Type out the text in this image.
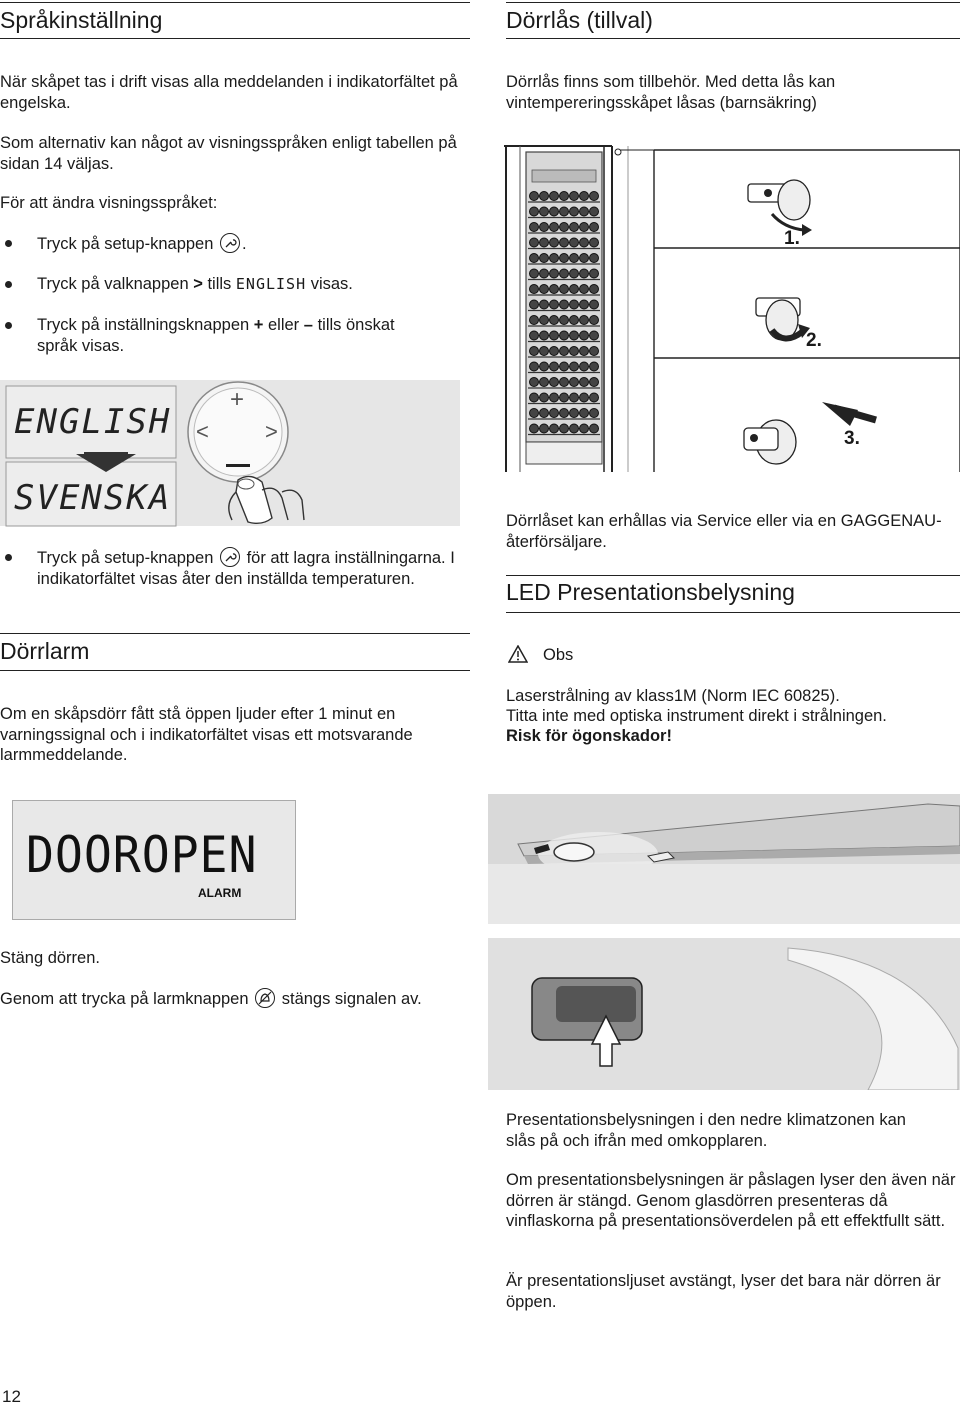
Språkinställning

När skåpet tas i drift visas alla meddelanden i indikatorfältet på engelska.

Som alternativ kan något av visningsspråken enligt tabellen på sidan 14 väljas.

För att ändra visningsspråket:

Tryck på setup-knappen .

Tryck på valknappen > tills ENGLISH visas.

Tryck på inställningsknappen + eller – tills önskat språk visas.

ENGLISH
SVENSKA
+
<	>

Tryck på setup-knappen för att lagra inställningarna. I indikatorfältet visas åter den inställda temperaturen.

Dörrlarm

Om en skåpsdörr fått stå öppen ljuder efter 1 minut en varningssignal och i indikatorfältet visas ett motsvarande larmmeddelande.

DOOROPEN
ALARM

Stäng dörren.

Genom att trycka på larmknappen stängs signalen av.

12
Dörrlås (tillval)

Dörrlås finns som tillbehör. Med detta lås kan vintempereringsskåpet låsas (barnsäkring)

1.
2.
3.

Dörrlåset kan erhållas via Service eller via en GAGGENAU-återförsäljare.

LED Presentationsbelysning
Obs

Laserstrålning av klass1M (Norm IEC 60825).

Titta inte med optiska instrument direkt i strålningen.

Risk för ögonskador!

Presentationsbelysningen i den nedre klimatzonen kan slås på och ifrån med omkopplaren.

Om presentationsbelysningen är påslagen lyser den även när dörren är stängd. Genom glasdörren presenteras då vinflaskorna på presentationsöverdelen på ett effektfullt sätt.

Är presentationsljuset avstängt, lyser det bara när dörren är öppen.
